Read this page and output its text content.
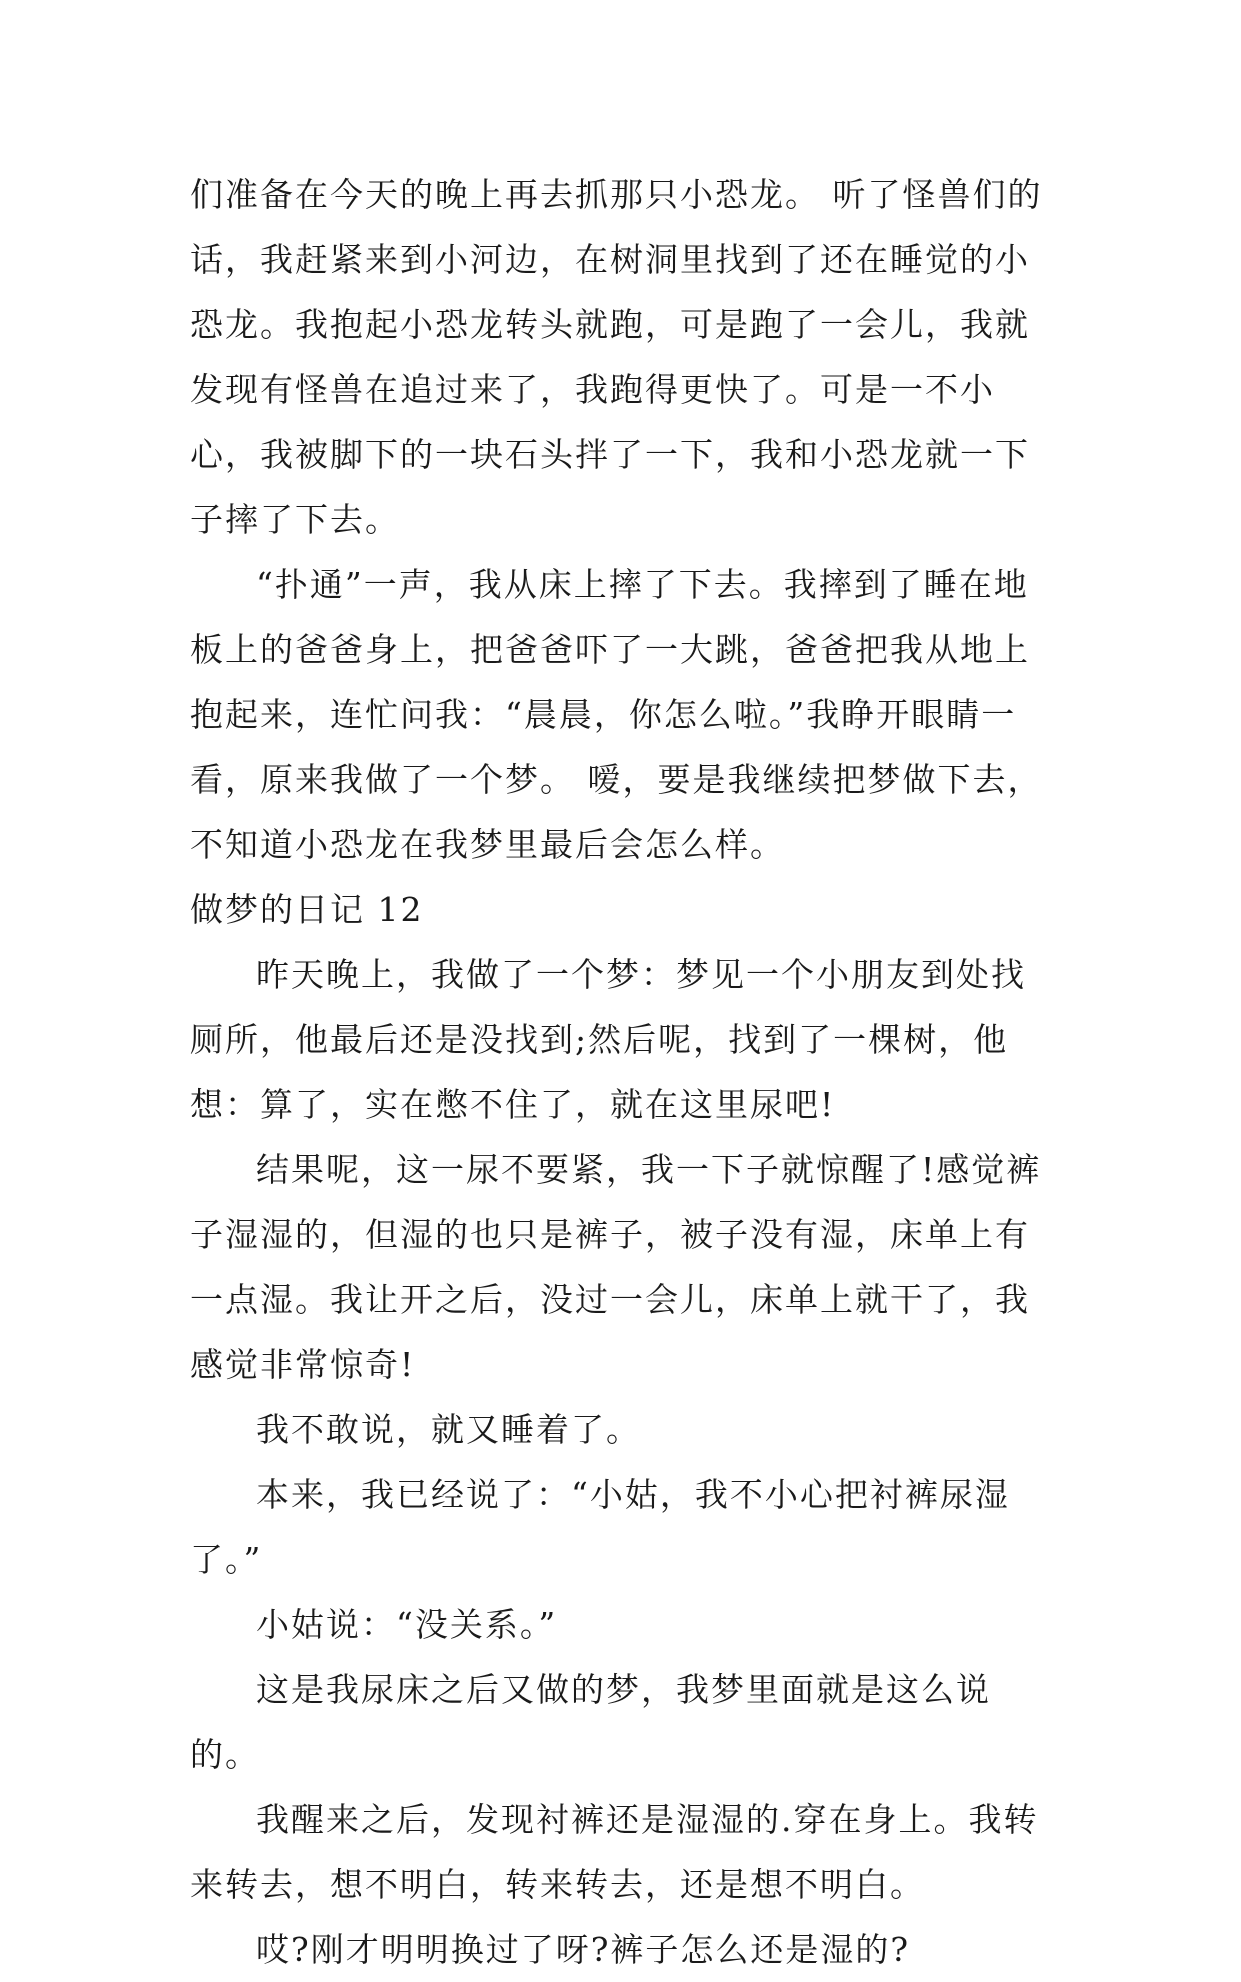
们准备在今天的晚上再去抓那只小恐龙。 听了怪兽们的话，我赶紧来到小河边，在树洞里找到了还在睡觉的小恐龙。我抱起小恐龙转头就跑，可是跑了一会儿，我就发现有怪兽在追过来了，我跑得更快了。可是一不小心，我被脚下的一块石头拌了一下，我和小恐龙就一下子摔了下去。

“扑通”一声，我从床上摔了下去。我摔到了睡在地板上的爸爸身上，把爸爸吓了一大跳，爸爸把我从地上抱起来，连忙问我：“晨晨，你怎么啦。”我睁开眼睛一看，原来我做了一个梦。 嗳，要是我继续把梦做下去，不知道小恐龙在我梦里最后会怎么样。

做梦的日记 12

昨天晚上，我做了一个梦：梦见一个小朋友到处找厕所，他最后还是没找到;然后呢，找到了一棵树，他想：算了，实在憋不住了，就在这里尿吧!

结果呢，这一尿不要紧，我一下子就惊醒了!感觉裤子湿湿的，但湿的也只是裤子，被子没有湿，床单上有一点湿。我让开之后，没过一会儿，床单上就干了，我感觉非常惊奇!

我不敢说，就又睡着了。

本来，我已经说了：“小姑，我不小心把衬裤尿湿了。”

小姑说：“没关系。”

这是我尿床之后又做的梦，我梦里面就是这么说的。

我醒来之后，发现衬裤还是湿湿的.穿在身上。我转来转去，想不明白，转来转去，还是想不明白。

哎?刚才明明换过了呀?裤子怎么还是湿的?
